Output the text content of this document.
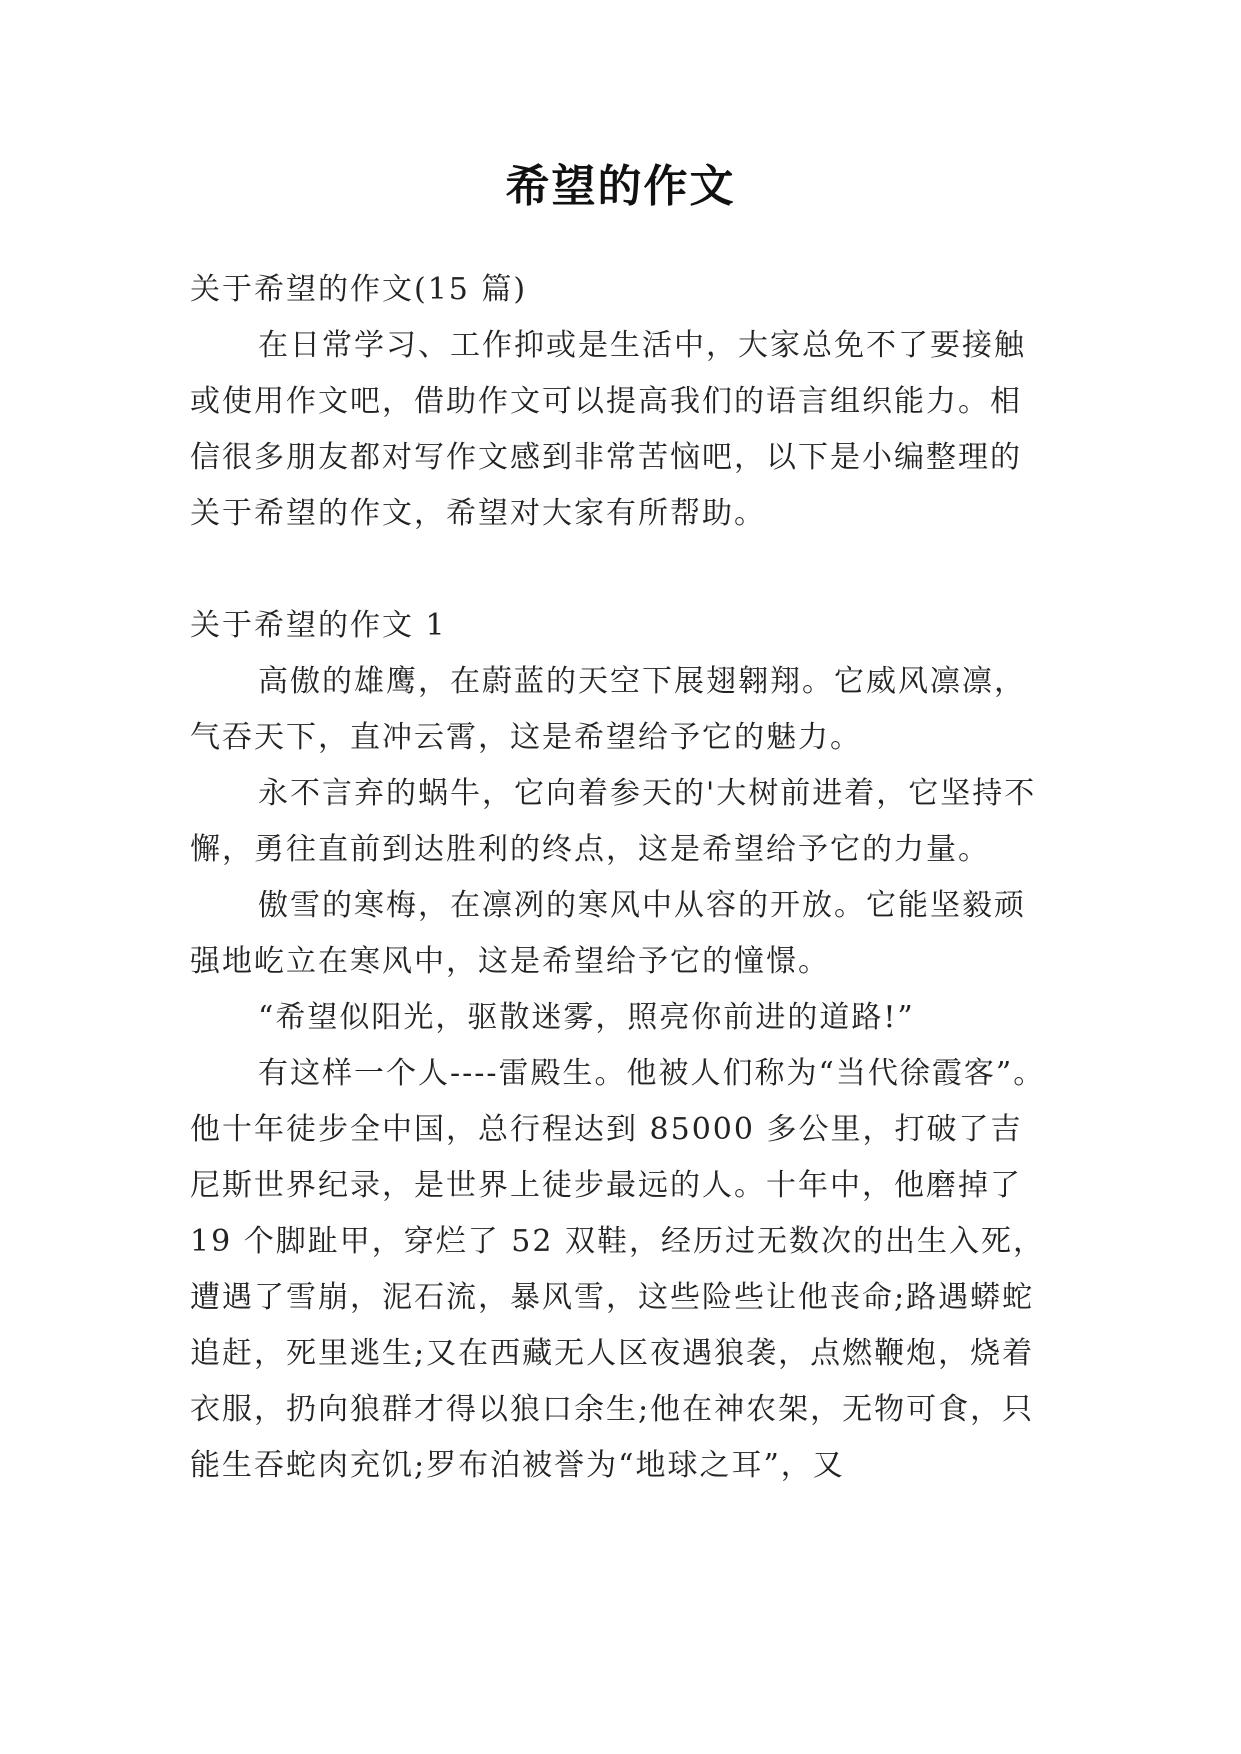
希望的作文

关于希望的作文(15 篇)

在日常学习、工作抑或是生活中，大家总免不了要接触或使用作文吧，借助作文可以提高我们的语言组织能力。相信很多朋友都对写作文感到非常苦恼吧，以下是小编整理的关于希望的作文，希望对大家有所帮助。

关于希望的作文 1

高傲的雄鹰，在蔚蓝的天空下展翅翱翔。它威风凛凛，气吞天下，直冲云霄，这是希望给予它的魅力。

永不言弃的蜗牛，它向着参天的'大树前进着，它坚持不懈，勇往直前到达胜利的终点，这是希望给予它的力量。

傲雪的寒梅，在凛冽的寒风中从容的开放。它能坚毅顽强地屹立在寒风中，这是希望给予它的憧憬。

“希望似阳光，驱散迷雾，照亮你前进的道路!”

有这样一个人----雷殿生。他被人们称为“当代徐霞客”。他十年徒步全中国，总行程达到 85000 多公里，打破了吉尼斯世界纪录，是世界上徒步最远的人。十年中，他磨掉了 19 个脚趾甲，穿烂了 52 双鞋，经历过无数次的出生入死，遭遇了雪崩，泥石流，暴风雪，这些险些让他丧命;路遇蟒蛇追赶，死里逃生;又在西藏无人区夜遇狼袭，点燃鞭炮，烧着衣服，扔向狼群才得以狼口余生;他在神农架，无物可食，只能生吞蛇肉充饥;罗布泊被誉为“地球之耳”，又
